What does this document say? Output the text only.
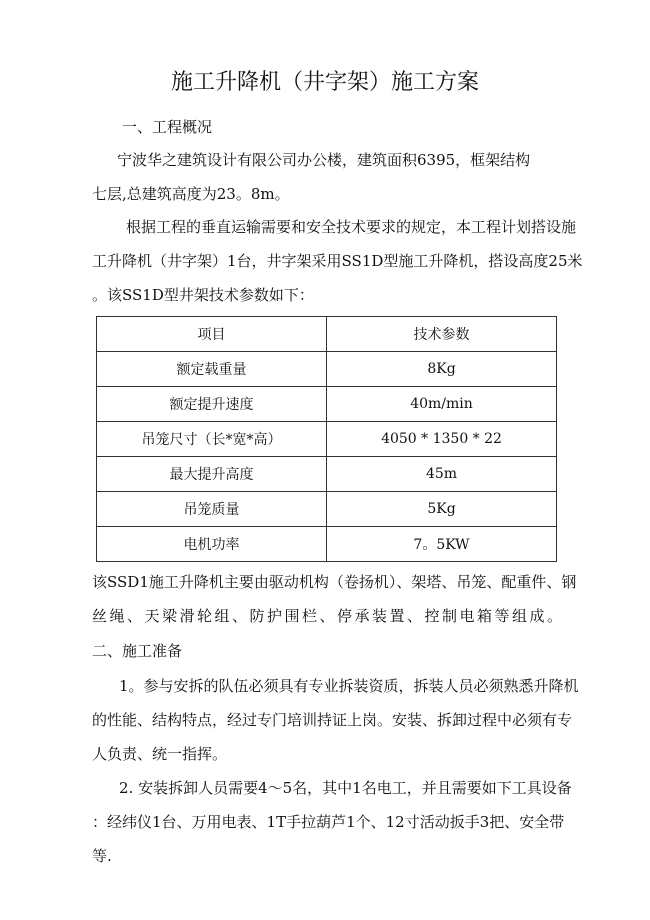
施工升降机（井字架）施工方案
一、工程概况
宁波华之建筑设计有限公司办公楼，建筑面积6395，框架结构
七层,总建筑高度为23。8m。
根据工程的垂直运输需要和安全技术要求的规定，本工程计划搭设施
工升降机（井字架）1台，井字架采用SS1D型施工升降机，搭设高度25米
。该SS1D型井架技术参数如下：
项目	技术参数
额定载重量	8Kg
额定提升速度	40m/min
吊笼尺寸（长*宽*高）	4050 * 1350 * 22
最大提升高度	45m
吊笼质量	5Kg
电机功率	7。5KW
该SSD1施工升降机主要由驱动机构（卷扬机）、架塔、吊笼、配重件、钢
丝绳、天梁滑轮组、防护围栏、停承装置、控制电箱等组成。
二、施工准备
1。参与安拆的队伍必须具有专业拆装资质，拆装人员必须熟悉升降机
的性能、结构特点，经过专门培训持证上岗。安装、拆卸过程中必须有专
人负责、统一指挥。
2. 安装拆卸人员需要4～5名，其中1名电工，并且需要如下工具设备
：经纬仪1台、万用电表、1T手拉葫芦1个、12寸活动扳手3把、安全带
等.
